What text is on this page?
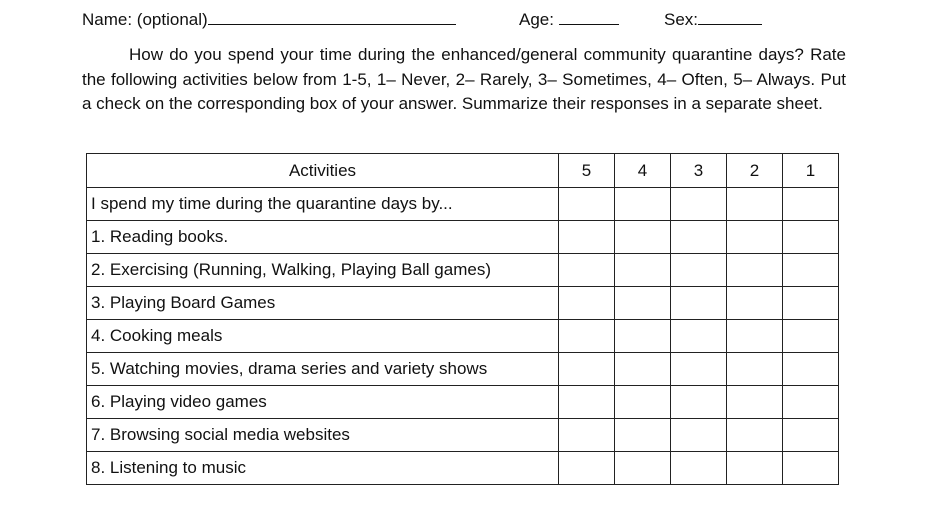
Name: (optional)	Age:	Sex:
How do you spend your time during the enhanced/general community quarantine days? Rate the following activities below from 1-5, 1– Never, 2– Rarely, 3– Sometimes, 4– Often, 5– Always. Put a check on the corresponding box of your answer. Summarize their responses in a separate sheet.
Activities	5	4	3	2	1
I spend my time during the quarantine days by...					
1. Reading books.					
2. Exercising (Running, Walking, Playing Ball games)					
3. Playing Board Games					
4. Cooking meals					
5. Watching movies, drama series and variety shows					
6. Playing video games					
7. Browsing social media websites					
8. Listening to music					
